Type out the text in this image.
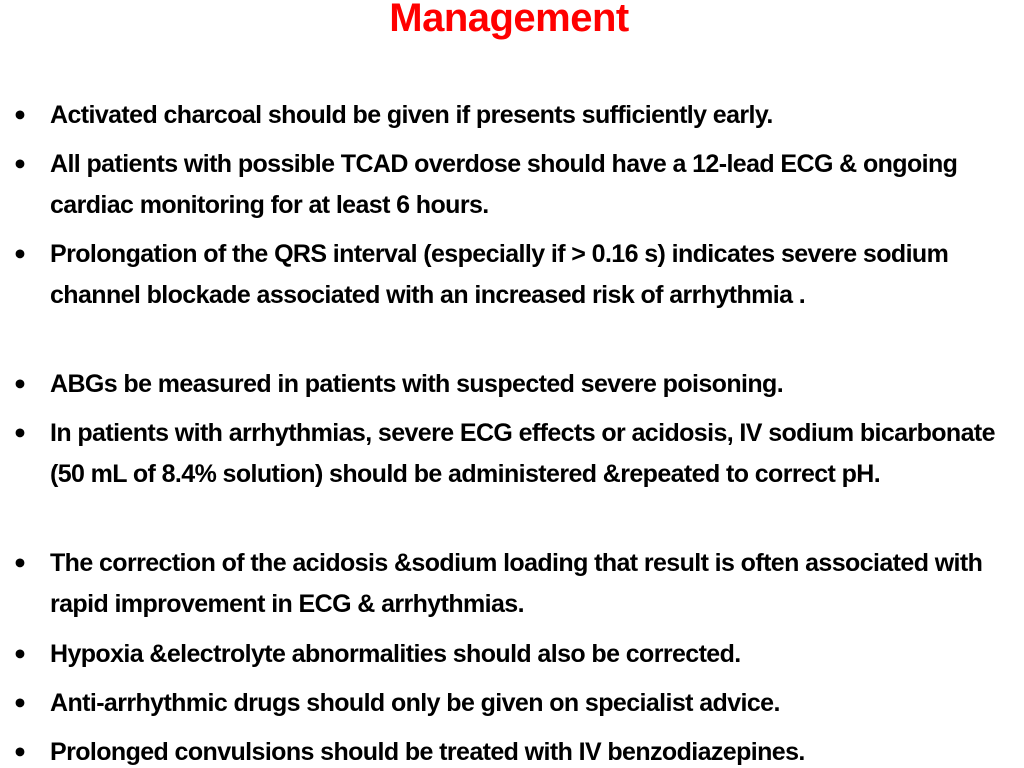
Management
• Activated charcoal should be given if presents sufficiently early.
• All patients with possible TCAD overdose should have a 12-lead ECG & ongoing cardiac monitoring for at least 6 hours.
• Prolongation of the QRS interval (especially if > 0.16 s) indicates severe sodium channel blockade associated with an increased risk of arrhythmia .
• ABGs be measured in patients with suspected severe poisoning.
• In patients with arrhythmias, severe ECG effects or acidosis, IV sodium bicarbonate (50 mL of 8.4% solution) should be administered &repeated to correct pH.
• The correction of the acidosis &sodium loading that result is often associated with rapid improvement in ECG & arrhythmias.
• Hypoxia &electrolyte abnormalities should also be corrected.
• Anti-arrhythmic drugs should only be given on specialist advice.
• Prolonged convulsions should be treated with IV benzodiazepines.
